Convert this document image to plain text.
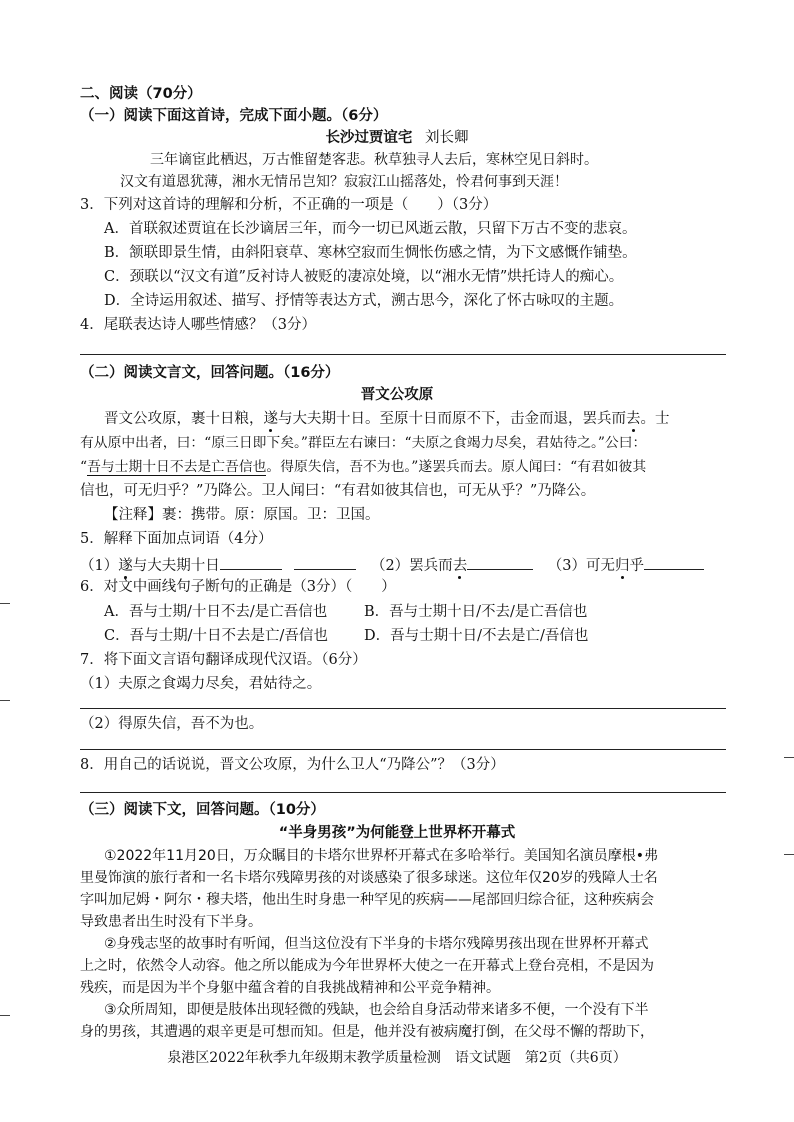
二、阅读（70分）
（一）阅读下面这首诗，完成下面小题。（6分）
长沙过贾谊宅 刘长卿
三年谪宦此栖迟，万古惟留楚客悲。秋草独寻人去后，寒林空见日斜时。
汉文有道恩犹薄，湘水无情吊岂知？寂寂江山摇落处，怜君何事到天涯！
3．下列对这首诗的理解和分析，不正确的一项是（　　）（3分）
A．首联叙述贾谊在长沙谪居三年，而今一切已风逝云散，只留下万古不变的悲哀。
B．颔联即景生情，由斜阳衰草、寒林空寂而生惆怅伤感之情，为下文感慨作铺垫。
C．颈联以“汉文有道”反衬诗人被贬的凄凉处境，以“湘水无情”烘托诗人的痴心。
D．全诗运用叙述、描写、抒情等表达方式，溯古思今，深化了怀古咏叹的主题。
4．尾联表达诗人哪些情感？（3分）
（二）阅读文言文，回答问题。（16分）
晋文公攻原
晋文公攻原，裹十日粮，遂与大夫期十日。至原十日而原不下，击金而退，罢兵而去。士
有从原中出者，曰：“原三日即下矣。”群臣左右谏曰：“夫原之食竭力尽矣，君姑待之。”公曰：
“吾与士期十日不去是亡吾信也。得原失信，吾不为也。”遂罢兵而去。原人闻曰：“有君如彼其
信也，可无归乎？”乃降公。卫人闻曰：“有君如彼其信也，可无从乎？”乃降公。
【注释】裹：携带。原：原国。卫：卫国。
5．解释下面加点词语（4分）
（1）遂与大夫期十日	（2）罢兵而去	（3）可无归乎
6．对文中画线句子断句的正确是（3分）（　　）
A．吾与士期/十日不去/是亡吾信也	B．吾与士期十日/不去/是亡吾信也
C．吾与士期/十日不去是亡/吾信也 D．吾与士期十日/不去是亡/吾信也
7．将下面文言语句翻译成现代汉语。（6分）
（1）夫原之食竭力尽矣，君姑待之。
（2）得原失信，吾不为也。
8．用自己的话说说，晋文公攻原，为什么卫人“乃降公”？（3分）
（三）阅读下文，回答问题。（10分）
“半身男孩”为何能登上世界杯开幕式
①2022年11月20日，万众瞩目的卡塔尔世界杯开幕式在多哈举行。美国知名演员摩根•弗
里曼饰演的旅行者和一名卡塔尔残障男孩的对谈感染了很多球迷。这位年仅20岁的残障人士名
字叫加尼姆・阿尔・穆夫塔，他出生时身患一种罕见的疾病——尾部回归综合征，这种疾病会
导致患者出生时没有下半身。
②身残志坚的故事时有听闻，但当这位没有下半身的卡塔尔残障男孩出现在世界杯开幕式
上之时，依然令人动容。他之所以能成为今年世界杯大使之一在开幕式上登台亮相，不是因为
残疾，而是因为半个身躯中蕴含着的自我挑战精神和公平竞争精神。
③众所周知，即便是肢体出现轻微的残缺，也会给自身活动带来诸多不便，一个没有下半
身的男孩，其遭遇的艰辛更是可想而知。但是，他并没有被病魔打倒，在父母不懈的帮助下，
泉港区2022年秋季九年级期末教学质量检测　语文试题　第2页（共6页）
